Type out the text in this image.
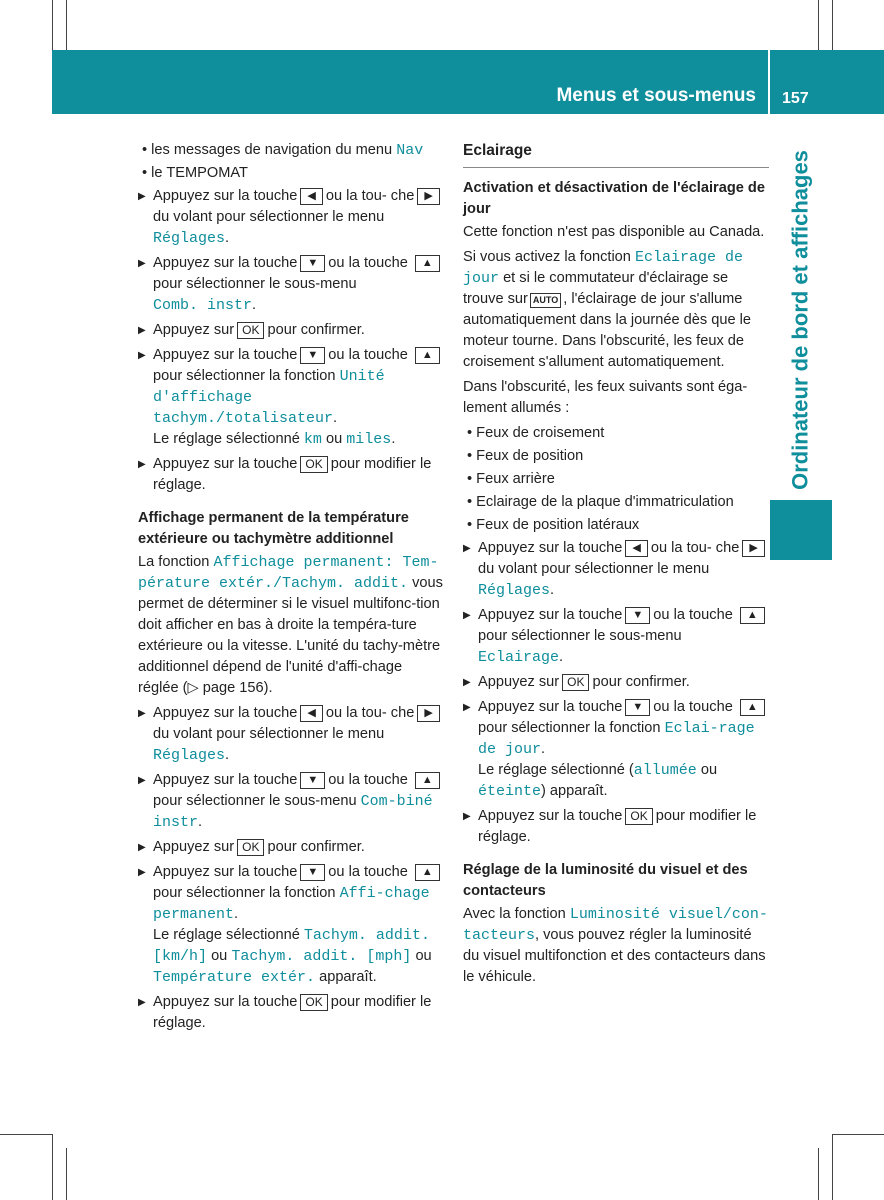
Menus et sous-menus 157
Ordinateur de bord et affichages

• les messages de navigation du menu Nav

• le TEMPOMAT

▶ Appuyez sur la touche ◀ ou la tou- che ▶du volant pour sélectionner le menu Réglages.

▶ Appuyez sur la touche ▼ ou la touche ▲pour sélectionner le sous-menu
Comb. instr.

▶ Appuyez sur OK pour confirmer.

▶ Appuyez sur la touche ▼ ou la touche ▲pour sélectionner la fonction Unité d'affichage tachym./totalisateur.
Le réglage sélectionné km ou miles.

▶ Appuyez sur la touche OK pour modifier le réglage.

Affichage permanent de la température extérieure ou tachymètre additionnel

La fonction Affichage permanent: Tem-pérature extér./Tachym. addit. vous permet de déterminer si le visuel multifonc-tion doit afficher en bas à droite la tempéra-ture extérieure ou la vitesse. L'unité du tachy-mètre additionnel dépend de l'unité d'affi-chage réglée (▷ page 156).

▶ Appuyez sur la touche ◀ ou la tou- che ▶du volant pour sélectionner le menu Réglages.

▶ Appuyez sur la touche ▼ ou la touche ▲pour sélectionner le sous-menu Com-biné instr.

▶ Appuyez sur OK pour confirmer.

▶ Appuyez sur la touche ▼ ou la touche ▲pour sélectionner la fonction Affi-chage permanent.
Le réglage sélectionné Tachym. addit. [km/h] ou Tachym. addit. [mph] ou Température extér. apparaît.

▶ Appuyez sur la touche OK pour modifier le réglage.

Eclairage

Activation et désactivation de l'éclairage de jour

Cette fonction n'est pas disponible au Canada.

Si vous activez la fonction Eclairage de jour et si le commutateur d'éclairage se trouve sur AUTO , l'éclairage de jour s'allume automatiquement dans la journée dès que le moteur tourne. Dans l'obscurité, les feux de croisement s'allument automatiquement.

Dans l'obscurité, les feux suivants sont éga-lement allumés :

• Feux de croisement

• Feux de position

• Feux arrière

• Eclairage de la plaque d'immatriculation

• Feux de position latéraux

▶ Appuyez sur la touche ◀ ou la tou- che ▶du volant pour sélectionner le menu Réglages.

▶ Appuyez sur la touche ▼ ou la touche ▲pour sélectionner le sous-menu
Eclairage.

▶ Appuyez sur OK pour confirmer.

▶ Appuyez sur la touche ▼ ou la touche ▲pour sélectionner la fonction Eclai-rage de jour.
Le réglage sélectionné (allumée ou éteinte) apparaît.

▶ Appuyez sur la touche OK pour modifier le réglage.

Réglage de la luminosité du visuel et des contacteurs

Avec la fonction Luminosité visuel/con-tacteurs, vous pouvez régler la luminosité du visuel multifonction et des contacteurs dans le véhicule.
